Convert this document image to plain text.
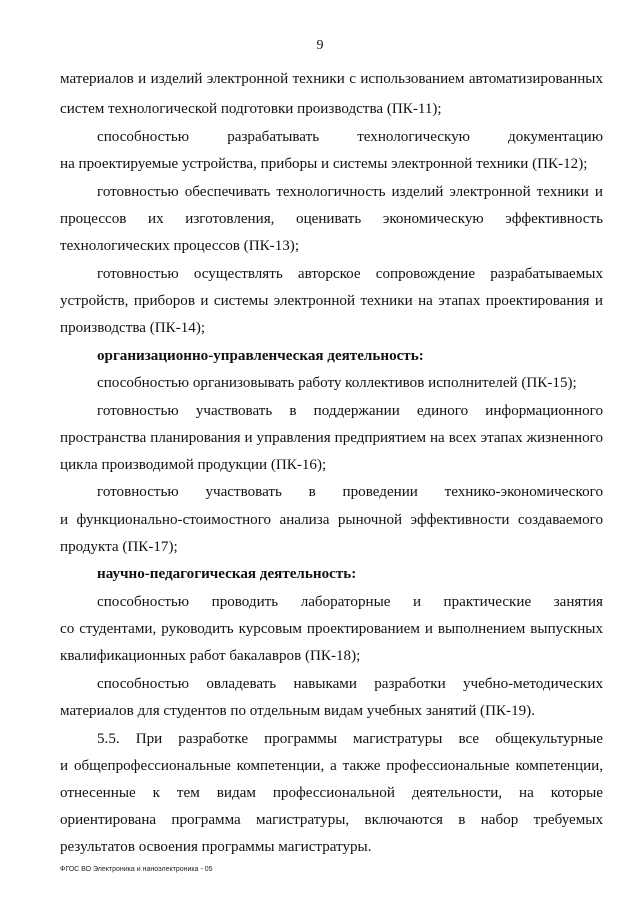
9
материалов и изделий электронной техники с использованием автоматизированных
систем технологической подготовки производства (ПК-11);
способностью разрабатывать технологическую документацию
на проектируемые устройства, приборы и системы электронной техники (ПК-12);
готовностью обеспечивать технологичность изделий электронной техники и
процессов их изготовления, оценивать экономическую эффективность
технологических процессов (ПК-13);
готовностью осуществлять авторское сопровождение разрабатываемых
устройств, приборов и системы электронной техники на этапах проектирования и
производства (ПК-14);
организационно-управленческая деятельность:
способностью организовывать работу коллективов исполнителей (ПК-15);
готовностью участвовать в поддержании единого информационного
пространства планирования и управления предприятием на всех этапах жизненного
цикла производимой продукции (ПК-16);
готовностью участвовать в проведении технико-экономического
и функционально-стоимостного анализа рыночной эффективности создаваемого
продукта (ПК-17);
научно-педагогическая деятельность:
способностью проводить лабораторные и практические занятия
со студентами, руководить курсовым проектированием и выполнением выпускных
квалификационных работ бакалавров (ПК-18);
способностью овладевать навыками разработки учебно-методических
материалов для студентов по отдельным видам учебных занятий (ПК-19).
5.5. При разработке программы магистратуры все общекультурные
и общепрофессиональные компетенции, а также профессиональные компетенции,
отнесенные к тем видам профессиональной деятельности, на которые
ориентирована программа магистратуры, включаются в набор требуемых
результатов освоения программы магистратуры.
ФГОС ВО Электроника и наноэлектроника - 05
